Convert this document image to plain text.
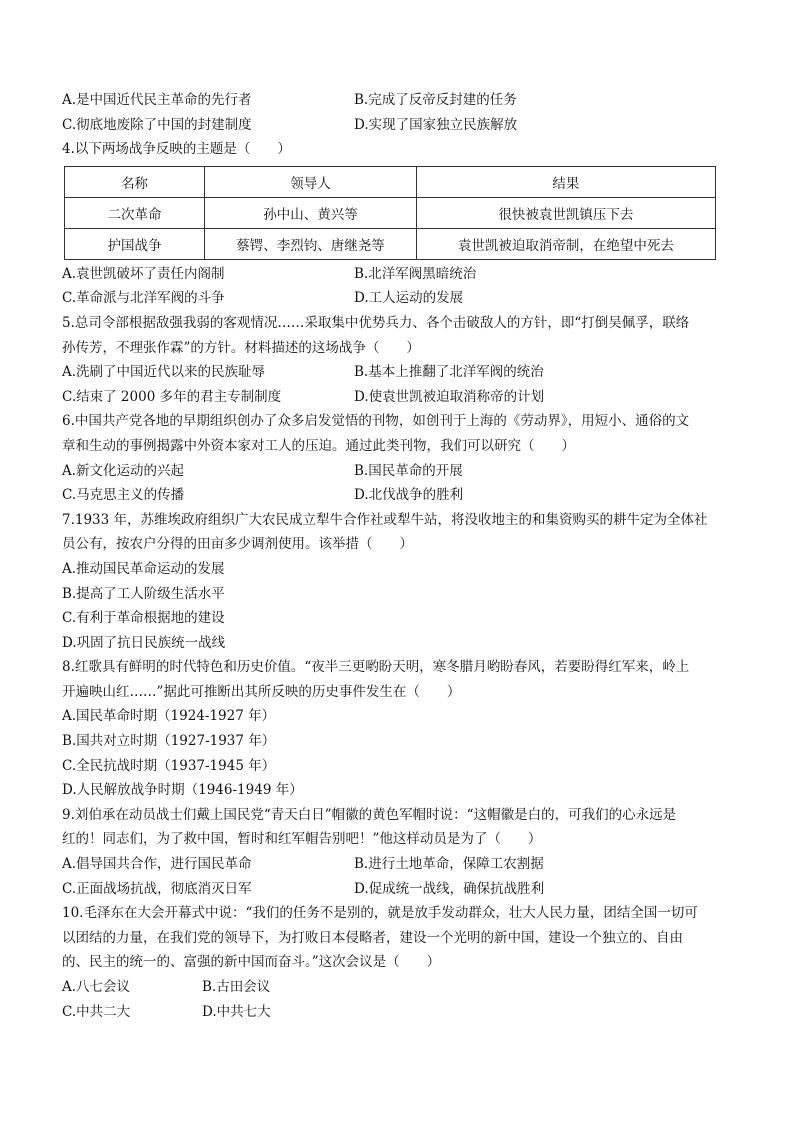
A.是中国近代民主革命的先行者	B.完成了反帝反封建的任务
C.彻底地废除了中国的封建制度	D.实现了国家独立民族解放
4.以下两场战争反映的主题是（　　）
名称	领导人	结果
二次革命	孙中山、黄兴等	很快被袁世凯镇压下去
护国战争	蔡锷、李烈钧、唐继尧等	袁世凯被迫取消帝制，在绝望中死去
A.袁世凯破坏了责任内阁制	B.北洋军阀黑暗统治
C.革命派与北洋军阀的斗争	D.工人运动的发展
5.总司令部根据敌强我弱的客观情况……采取集中优势兵力、各个击破敌人的方针，即“打倒吴佩孚，联络
孙传芳，不理张作霖”的方针。材料描述的这场战争（　　）
A.洗刷了中国近代以来的民族耻辱	B.基本上推翻了北洋军阀的统治
C.结束了 2000 多年的君主专制制度	D.使袁世凯被迫取消称帝的计划
6.中国共产党各地的早期组织创办了众多启发觉悟的刊物，如创刊于上海的《劳动界》，用短小、通俗的文
章和生动的事例揭露中外资本家对工人的压迫。通过此类刊物，我们可以研究（　　）
A.新文化运动的兴起	B.国民革命的开展
C.马克思主义的传播	D.北伐战争的胜利
7.1933 年，苏维埃政府组织广大农民成立犁牛合作社或犁牛站，将没收地主的和集资购买的耕牛定为全体社
员公有，按农户分得的田亩多少调剂使用。该举措（　　）
A.推动国民革命运动的发展
B.提高了工人阶级生活水平
C.有利于革命根据地的建设
D.巩固了抗日民族统一战线
8.红歌具有鲜明的时代特色和历史价值。“夜半三更哟盼天明，寒冬腊月哟盼春风，若要盼得红军来，岭上
开遍映山红……”据此可推断出其所反映的历史事件发生在（　　）
A.国民革命时期（1924-1927 年）
B.国共对立时期（1927-1937 年）
C.全民抗战时期（1937-1945 年）
D.人民解放战争时期（1946-1949 年）
9.刘伯承在动员战士们戴上国民党“青天白日”帽徽的黄色军帽时说：“这帽徽是白的，可我们的心永远是
红的！同志们，为了救中国，暂时和红军帽告别吧！”他这样动员是为了（　　）
A.倡导国共合作，进行国民革命	B.进行土地革命，保障工农割据
C.正面战场抗战，彻底消灭日军	D.促成统一战线，确保抗战胜利
10.毛泽东在大会开幕式中说：“我们的任务不是别的，就是放手发动群众，壮大人民力量，团结全国一切可
以团结的力量，在我们党的领导下，为打败日本侵略者，建设一个光明的新中国，建设一个独立的、自由
的、民主的统一的、富强的新中国而奋斗。”这次会议是（　　）
A.八七会议	B.古田会议
C.中共二大	D.中共七大
